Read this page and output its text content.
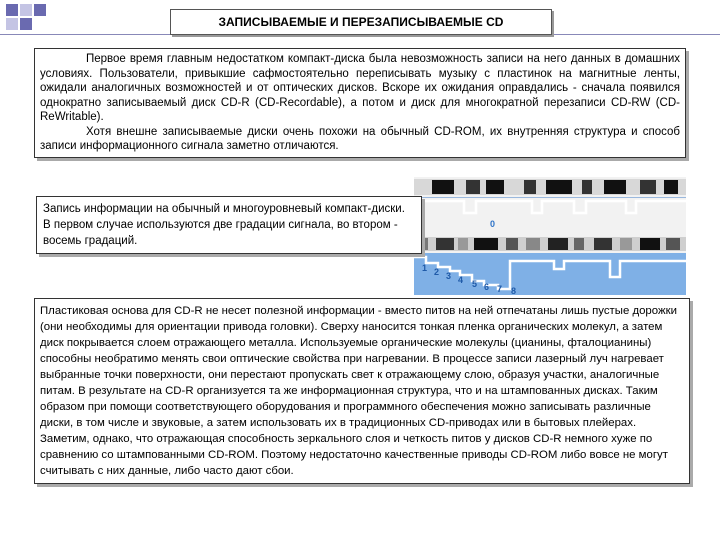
ЗАПИСЫВАЕМЫЕ И ПЕРЕЗАПИСЫВАЕМЫЕ CD

Первое время главным недостатком компакт-диска была невозможность записи на него данных в домашних условиях. Пользователи, привыкшие сафмостоятельно переписывать музыку с пластинок на магнитные ленты, ожидали аналогичных возможностей и от оптических дисков. Вскоре их ожидания оправдались - сначала появился однократно записываемый диск CD-R (CD-Recordable), а потом и диск для многократной перезаписи CD-RW (CD-ReWritable).

Хотя внешне записываемые диски очень похожи на обычный CD-ROM, их внутренняя структура и способ записи информационного сигнала заметно отличаются.

0
1 2 3 4 5 6 7 8
Запись информации на обычный и многоуровневый компакт-диски. В первом случае используются две градации сигнала, во втором - восемь градаций.
Пластиковая основа для CD-R не несет полезной информации - вместо питов на ней отпечатаны лишь пустые дорожки (они необходимы для ориентации привода головки). Сверху наносится тонкая пленка органических молекул, а затем диск покрывается слоем отражающего металла. Используемые органические молекулы (цианины, фталоцианины) способны необратимо менять свои оптические свойства при нагревании. В процессе записи лазерный луч нагревает выбранные точки поверхности, они перестают пропускать свет к отражающему слою, образуя участки, аналогичные питам. В результате на CD-R организуется та же информационная структура, что и на штампованных дисках. Таким образом при помощи соответствующего оборудования и программного обеспечения можно записывать различные диски, в том числе и звуковые, а затем использовать их в традиционных CD-приводах или в бытовых плейерах. Заметим, однако, что отражающая способность зеркального слоя и четкость питов у дисков CD-R немного хуже по сравнению со штампованными CD-ROM. Поэтому недостаточно качественные приводы CD-ROM либо вовсе не могут считывать с них данные, либо часто дают сбои.
